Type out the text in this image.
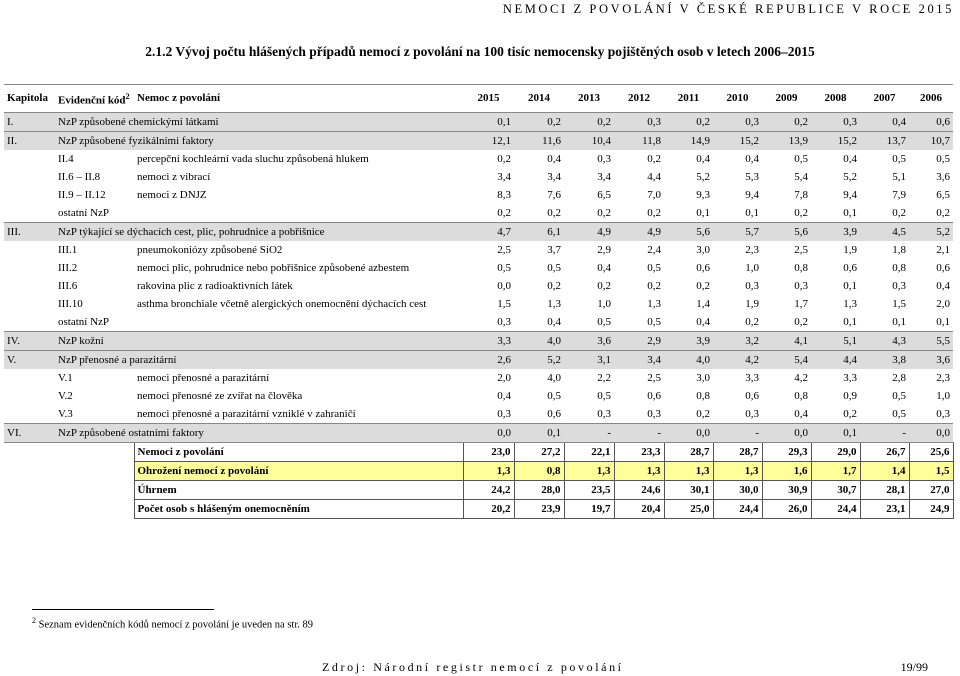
NEMOCI Z POVOLÁNÍ V ČESKÉ REPUBLICE V ROCE 2015
2.1.2 Vývoj počtu hlášených případů nemocí z povolání na 100 tisíc nemocensky pojištěných osob v letech 2006–2015
Kapitola	Evidenční kód$^2$	Nemoc z povolání	2015	2014	2013	2012	2011	2010	2009	2008	2007	2006
I.	NzP způsobené chemickými látkami		0,1	0,2	0,2	0,3	0,2	0,3	0,2	0,3	0,4	0,6
II.	NzP způsobené fyzikálními faktory		12,1	11,6	10,4	11,8	14,9	15,2	13,9	15,2	13,7	10,7
	II.4	percepční kochleární vada sluchu způsobená hlukem	0,2	0,4	0,3	0,2	0,4	0,4	0,5	0,4	0,5	0,5
	II.6 – II.8	nemoci z vibrací	3,4	3,4	3,4	4,4	5,2	5,3	5,4	5,2	5,1	3,6
	II.9 – II.12	nemoci z DNJZ	8,3	7,6	6,5	7,0	9,3	9,4	7,8	9,4	7,9	6,5
	ostatní NzP		0,2	0,2	0,2	0,2	0,1	0,1	0,2	0,1	0,2	0,2
III.	NzP týkající se dýchacích cest, plic, pohrudnice a pobřišnice		4,7	6,1	4,9	4,9	5,6	5,7	5,6	3,9	4,5	5,2
	III.1	pneumokoniózy způsobené SiO2	2,5	3,7	2,9	2,4	3,0	2,3	2,5	1,9	1,8	2,1
	III.2	nemoci plic, pohrudnice nebo pobřišnice způsobené azbestem	0,5	0,5	0,4	0,5	0,6	1,0	0,8	0,6	0,8	0,6
	III.6	rakovina plic z radioaktivních látek	0,0	0,2	0,2	0,2	0,2	0,3	0,3	0,1	0,3	0,4
	III.10	asthma bronchiale včetně alergických onemocnění dýchacích cest	1,5	1,3	1,0	1,3	1,4	1,9	1,7	1,3	1,5	2,0
	ostatní NzP		0,3	0,4	0,5	0,5	0,4	0,2	0,2	0,1	0,1	0,1
IV.	NzP kožní		3,3	4,0	3,6	2,9	3,9	3,2	4,1	5,1	4,3	5,5
V.	NzP přenosné a parazitární		2,6	5,2	3,1	3,4	4,0	4,2	5,4	4,4	3,8	3,6
	V.1	nemoci přenosné a parazitární	2,0	4,0	2,2	2,5	3,0	3,3	4,2	3,3	2,8	2,3
	V.2	nemoci přenosné ze zvířat na člověka	0,4	0,5	0,5	0,6	0,8	0,6	0,8	0,9	0,5	1,0
	V.3	nemoci přenosné a parazitární vzniklé v zahraničí	0,3	0,6	0,3	0,3	0,2	0,3	0,4	0,2	0,5	0,3
VI.	NzP způsobené ostatními faktory		0,0	0,1	-	-	0,0	-	0,0	0,1	-	0,0
		Nemoci z povolání	23,0	27,2	22,1	23,3	28,7	28,7	29,3	29,0	26,7	25,6
		Ohrožení nemocí z povolání	1,3	0,8	1,3	1,3	1,3	1,3	1,6	1,7	1,4	1,5
		Úhrnem	24,2	28,0	23,5	24,6	30,1	30,0	30,9	30,7	28,1	27,0
		Počet osob s hlášeným onemocněním	20,2	23,9	19,7	20,4	25,0	24,4	26,0	24,4	23,1	24,9
$^2$ Seznam evidenčních kódů nemocí z povolání je uveden na str. 89
Zdroj: Národní registr nemocí z povolání	19/99
